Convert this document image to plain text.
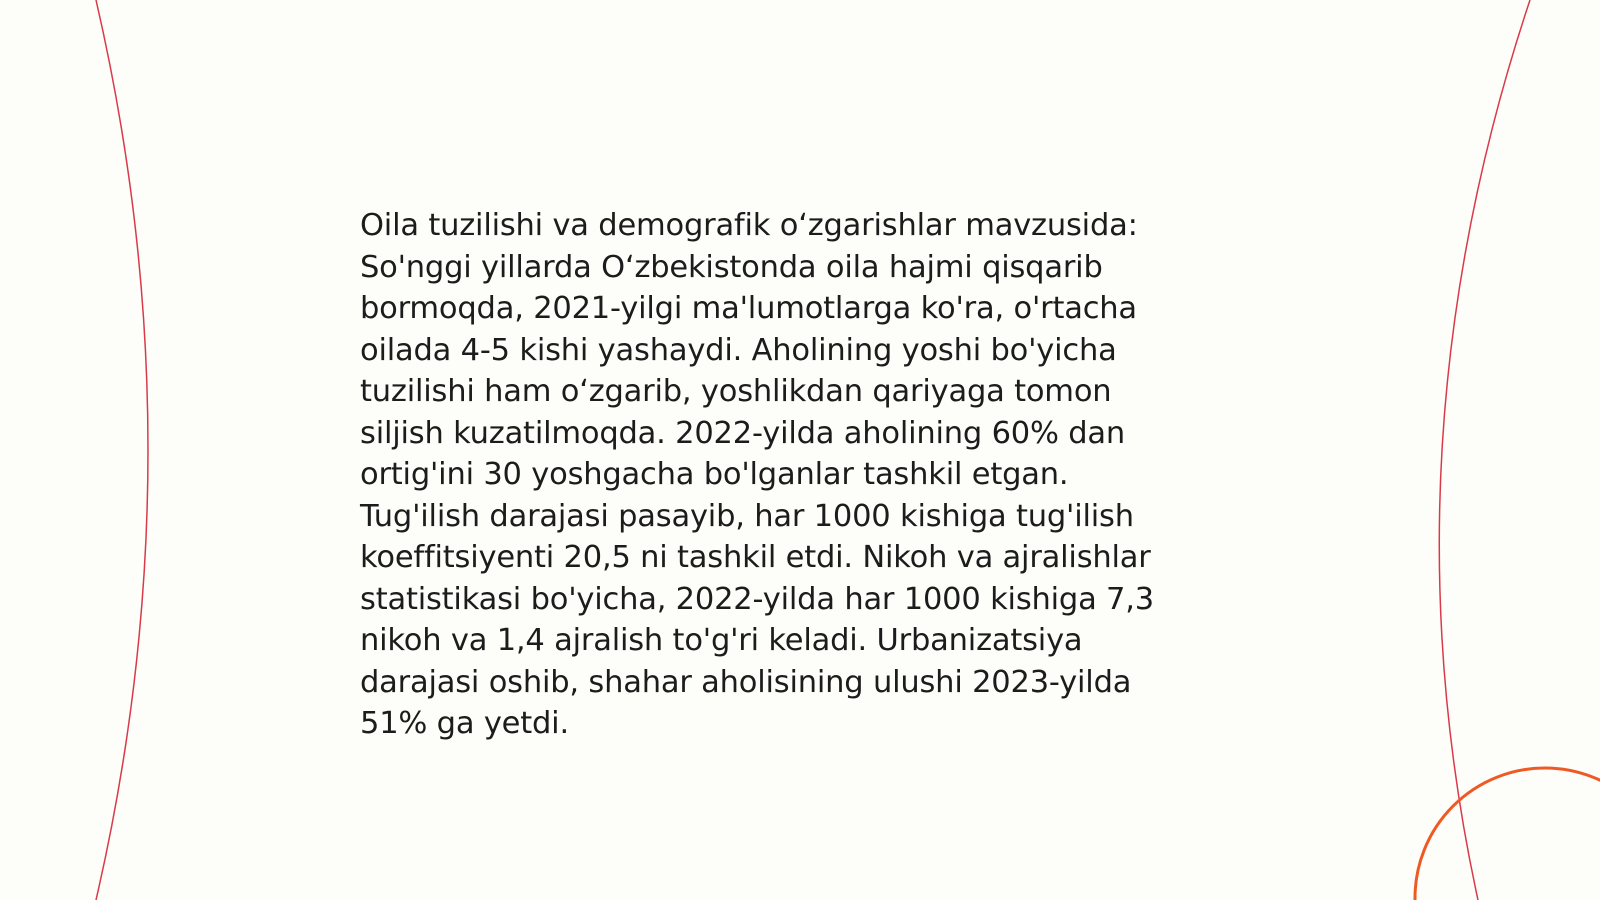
Oila tuzilishi va demografik o‘zgarishlar mavzusida:
So'nggi yillarda O‘zbekistonda oila hajmi qisqarib
bormoqda, 2021-yilgi ma'lumotlarga ko'ra, o'rtacha
oilada 4-5 kishi yashaydi. Aholining yoshi bo'yicha
tuzilishi ham o‘zgarib, yoshlikdan qariyaga tomon
siljish kuzatilmoqda. 2022-yilda aholining 60% dan
ortig'ini 30 yoshgacha bo'lganlar tashkil etgan.
Tug'ilish darajasi pasayib, har 1000 kishiga tug'ilish
koeffitsiyenti 20,5 ni tashkil etdi. Nikoh va ajralishlar
statistikasi bo'yicha, 2022-yilda har 1000 kishiga 7,3
nikoh va 1,4 ajralish to'g'ri keladi. Urbanizatsiya
darajasi oshib, shahar aholisining ulushi 2023-yilda
51% ga yetdi.
